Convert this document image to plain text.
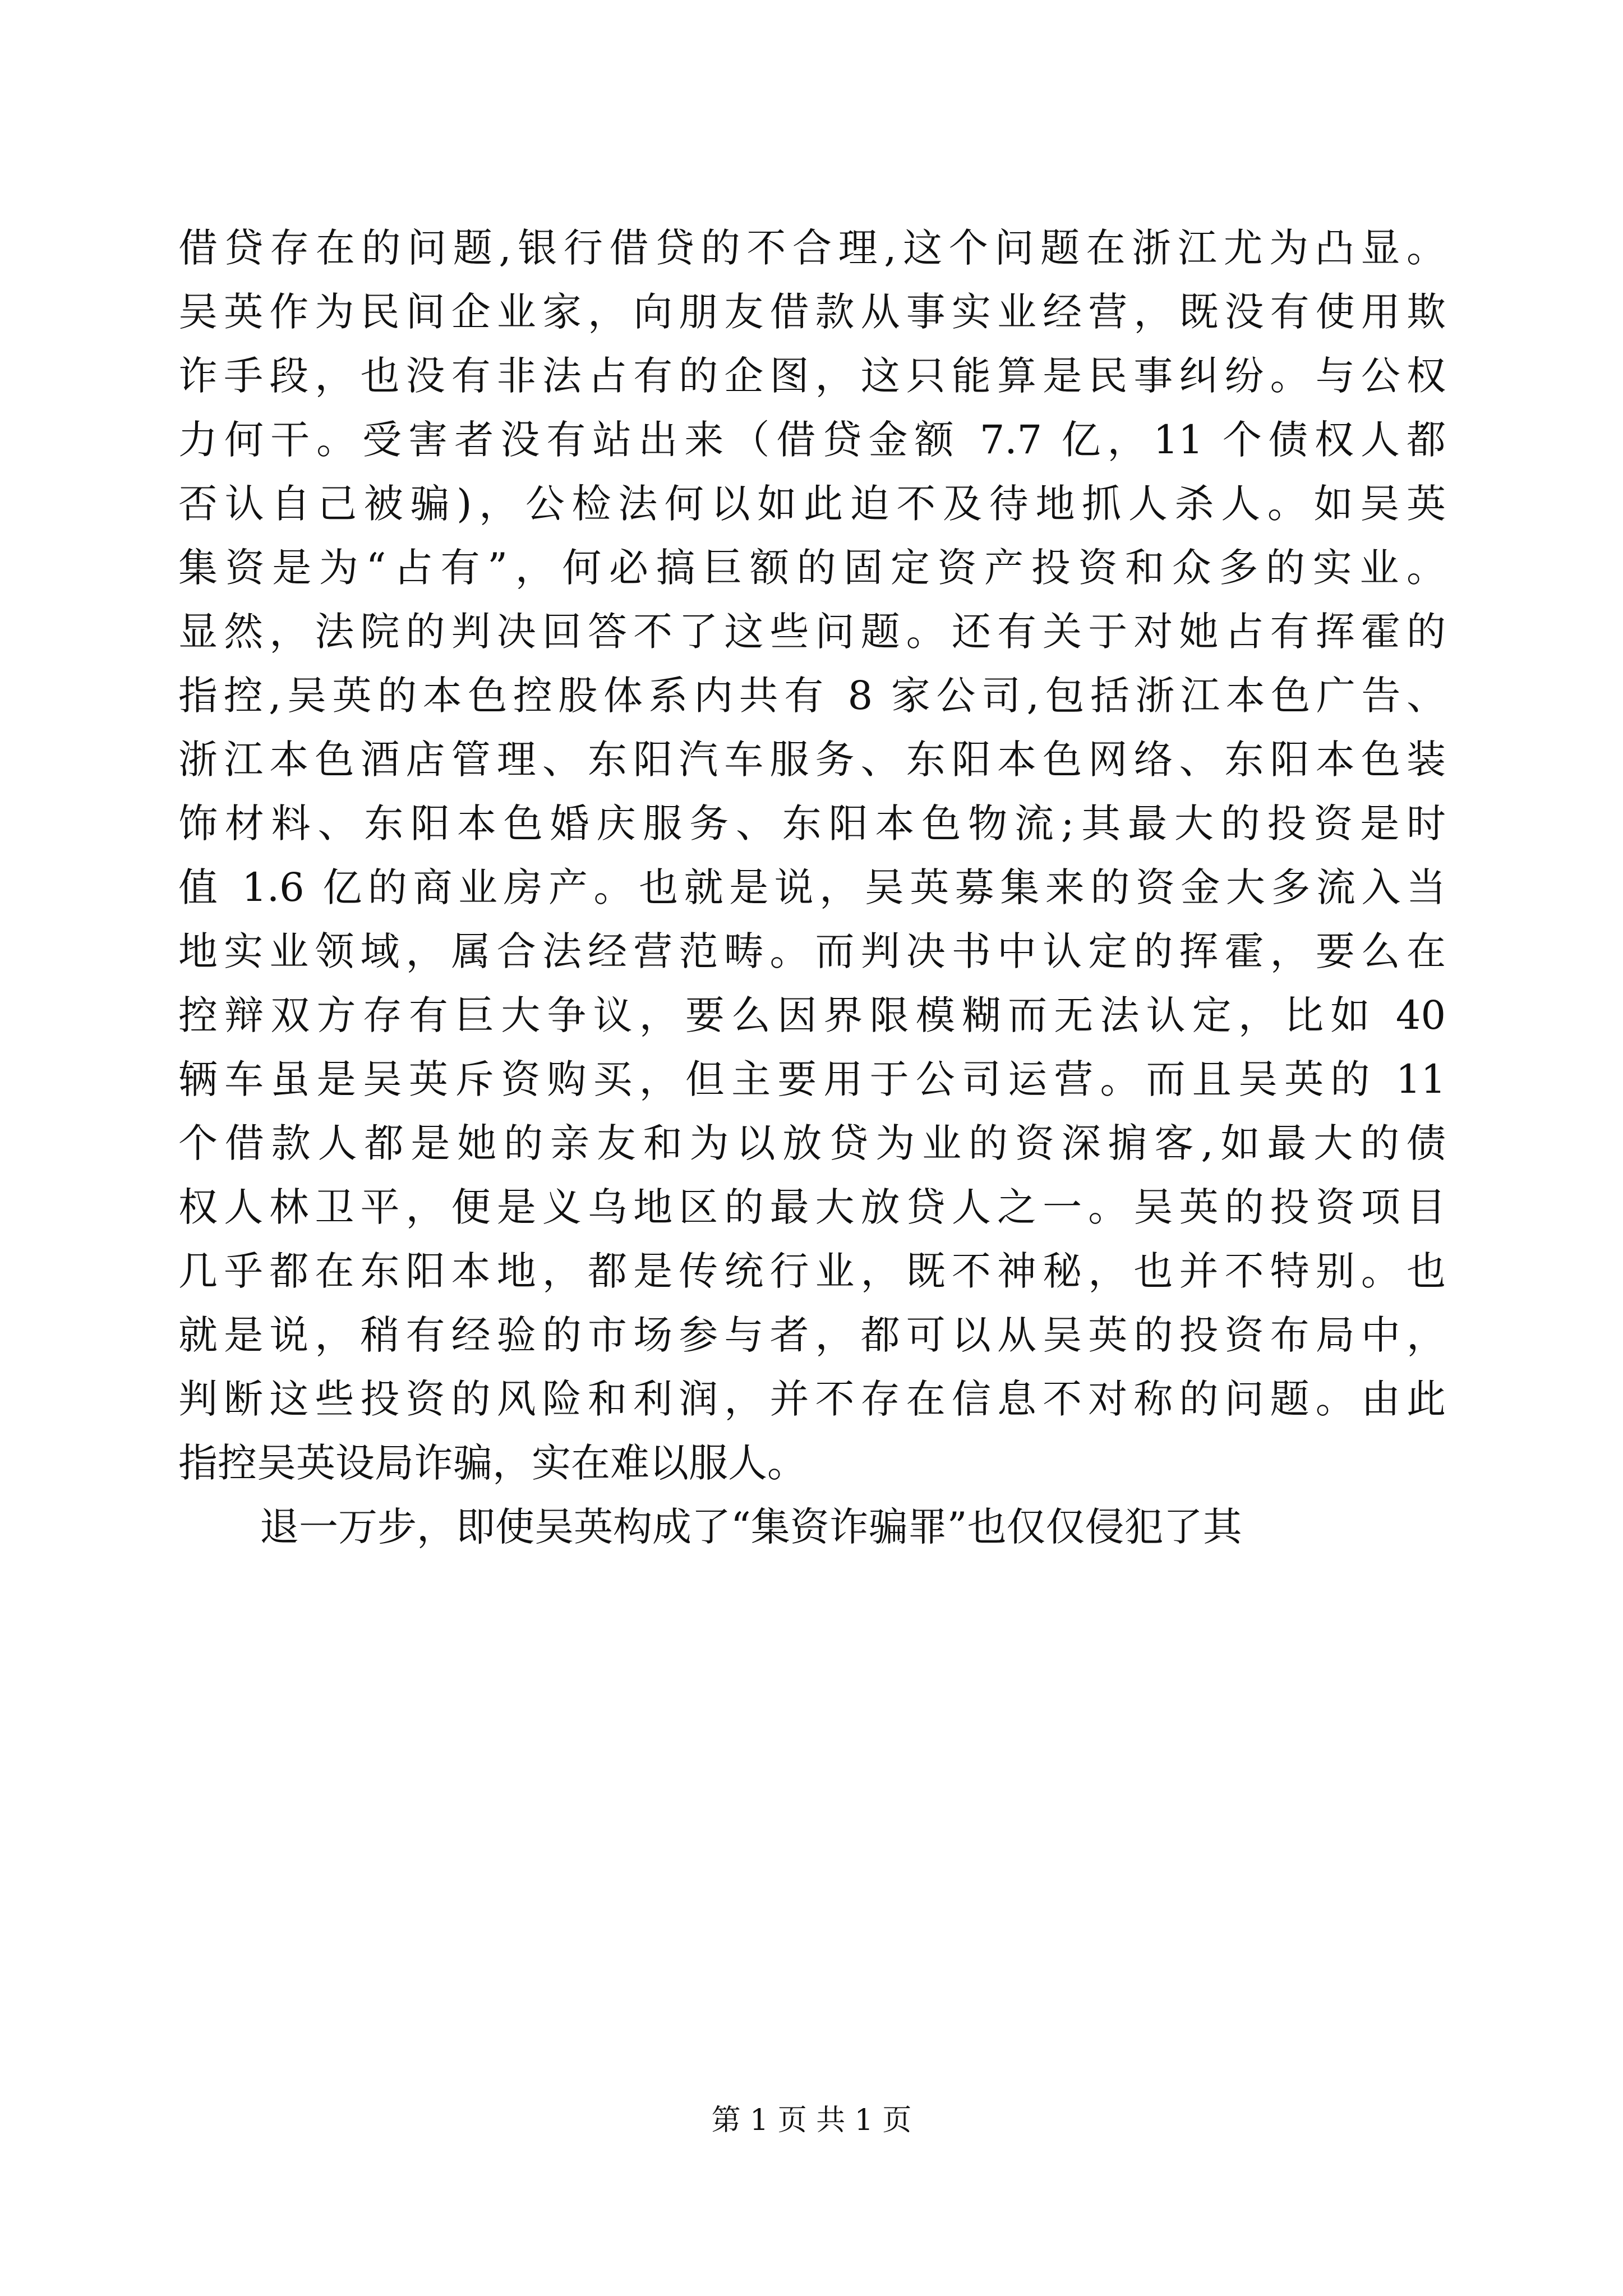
借贷存在的问题,银行借贷的不合理,这个问题在浙江尤为凸显。
吴英作为民间企业家，向朋友借款从事实业经营，既没有使用欺
诈手段，也没有非法占有的企图，这只能算是民事纠纷。与公权
力何干。受害者没有站出来（借贷金额 7.7 亿，11 个债权人都
否认自己被骗)，公检法何以如此迫不及待地抓人杀人。如吴英
集资是为“占有”，何必搞巨额的固定资产投资和众多的实业。
显然，法院的判决回答不了这些问题。还有关于对她占有挥霍的
指控,吴英的本色控股体系内共有 8 家公司,包括浙江本色广告、
浙江本色酒店管理、东阳汽车服务、东阳本色网络、东阳本色装
饰材料、东阳本色婚庆服务、东阳本色物流;其最大的投资是时
值 1.6 亿的商业房产。也就是说，吴英募集来的资金大多流入当
地实业领域，属合法经营范畴。而判决书中认定的挥霍，要么在
控辩双方存有巨大争议，要么因界限模糊而无法认定，比如 40
辆车虽是吴英斥资购买，但主要用于公司运营。而且吴英的 11
个借款人都是她的亲友和为以放贷为业的资深掮客,如最大的债
权人林卫平，便是义乌地区的最大放贷人之一。吴英的投资项目
几乎都在东阳本地，都是传统行业，既不神秘，也并不特别。也
就是说，稍有经验的市场参与者，都可以从吴英的投资布局中，
判断这些投资的风险和利润，并不存在信息不对称的问题。由此
指控吴英设局诈骗，实在难以服人。
退一万步，即使吴英构成了“集资诈骗罪”也仅仅侵犯了其
第 1 页 共 1 页
